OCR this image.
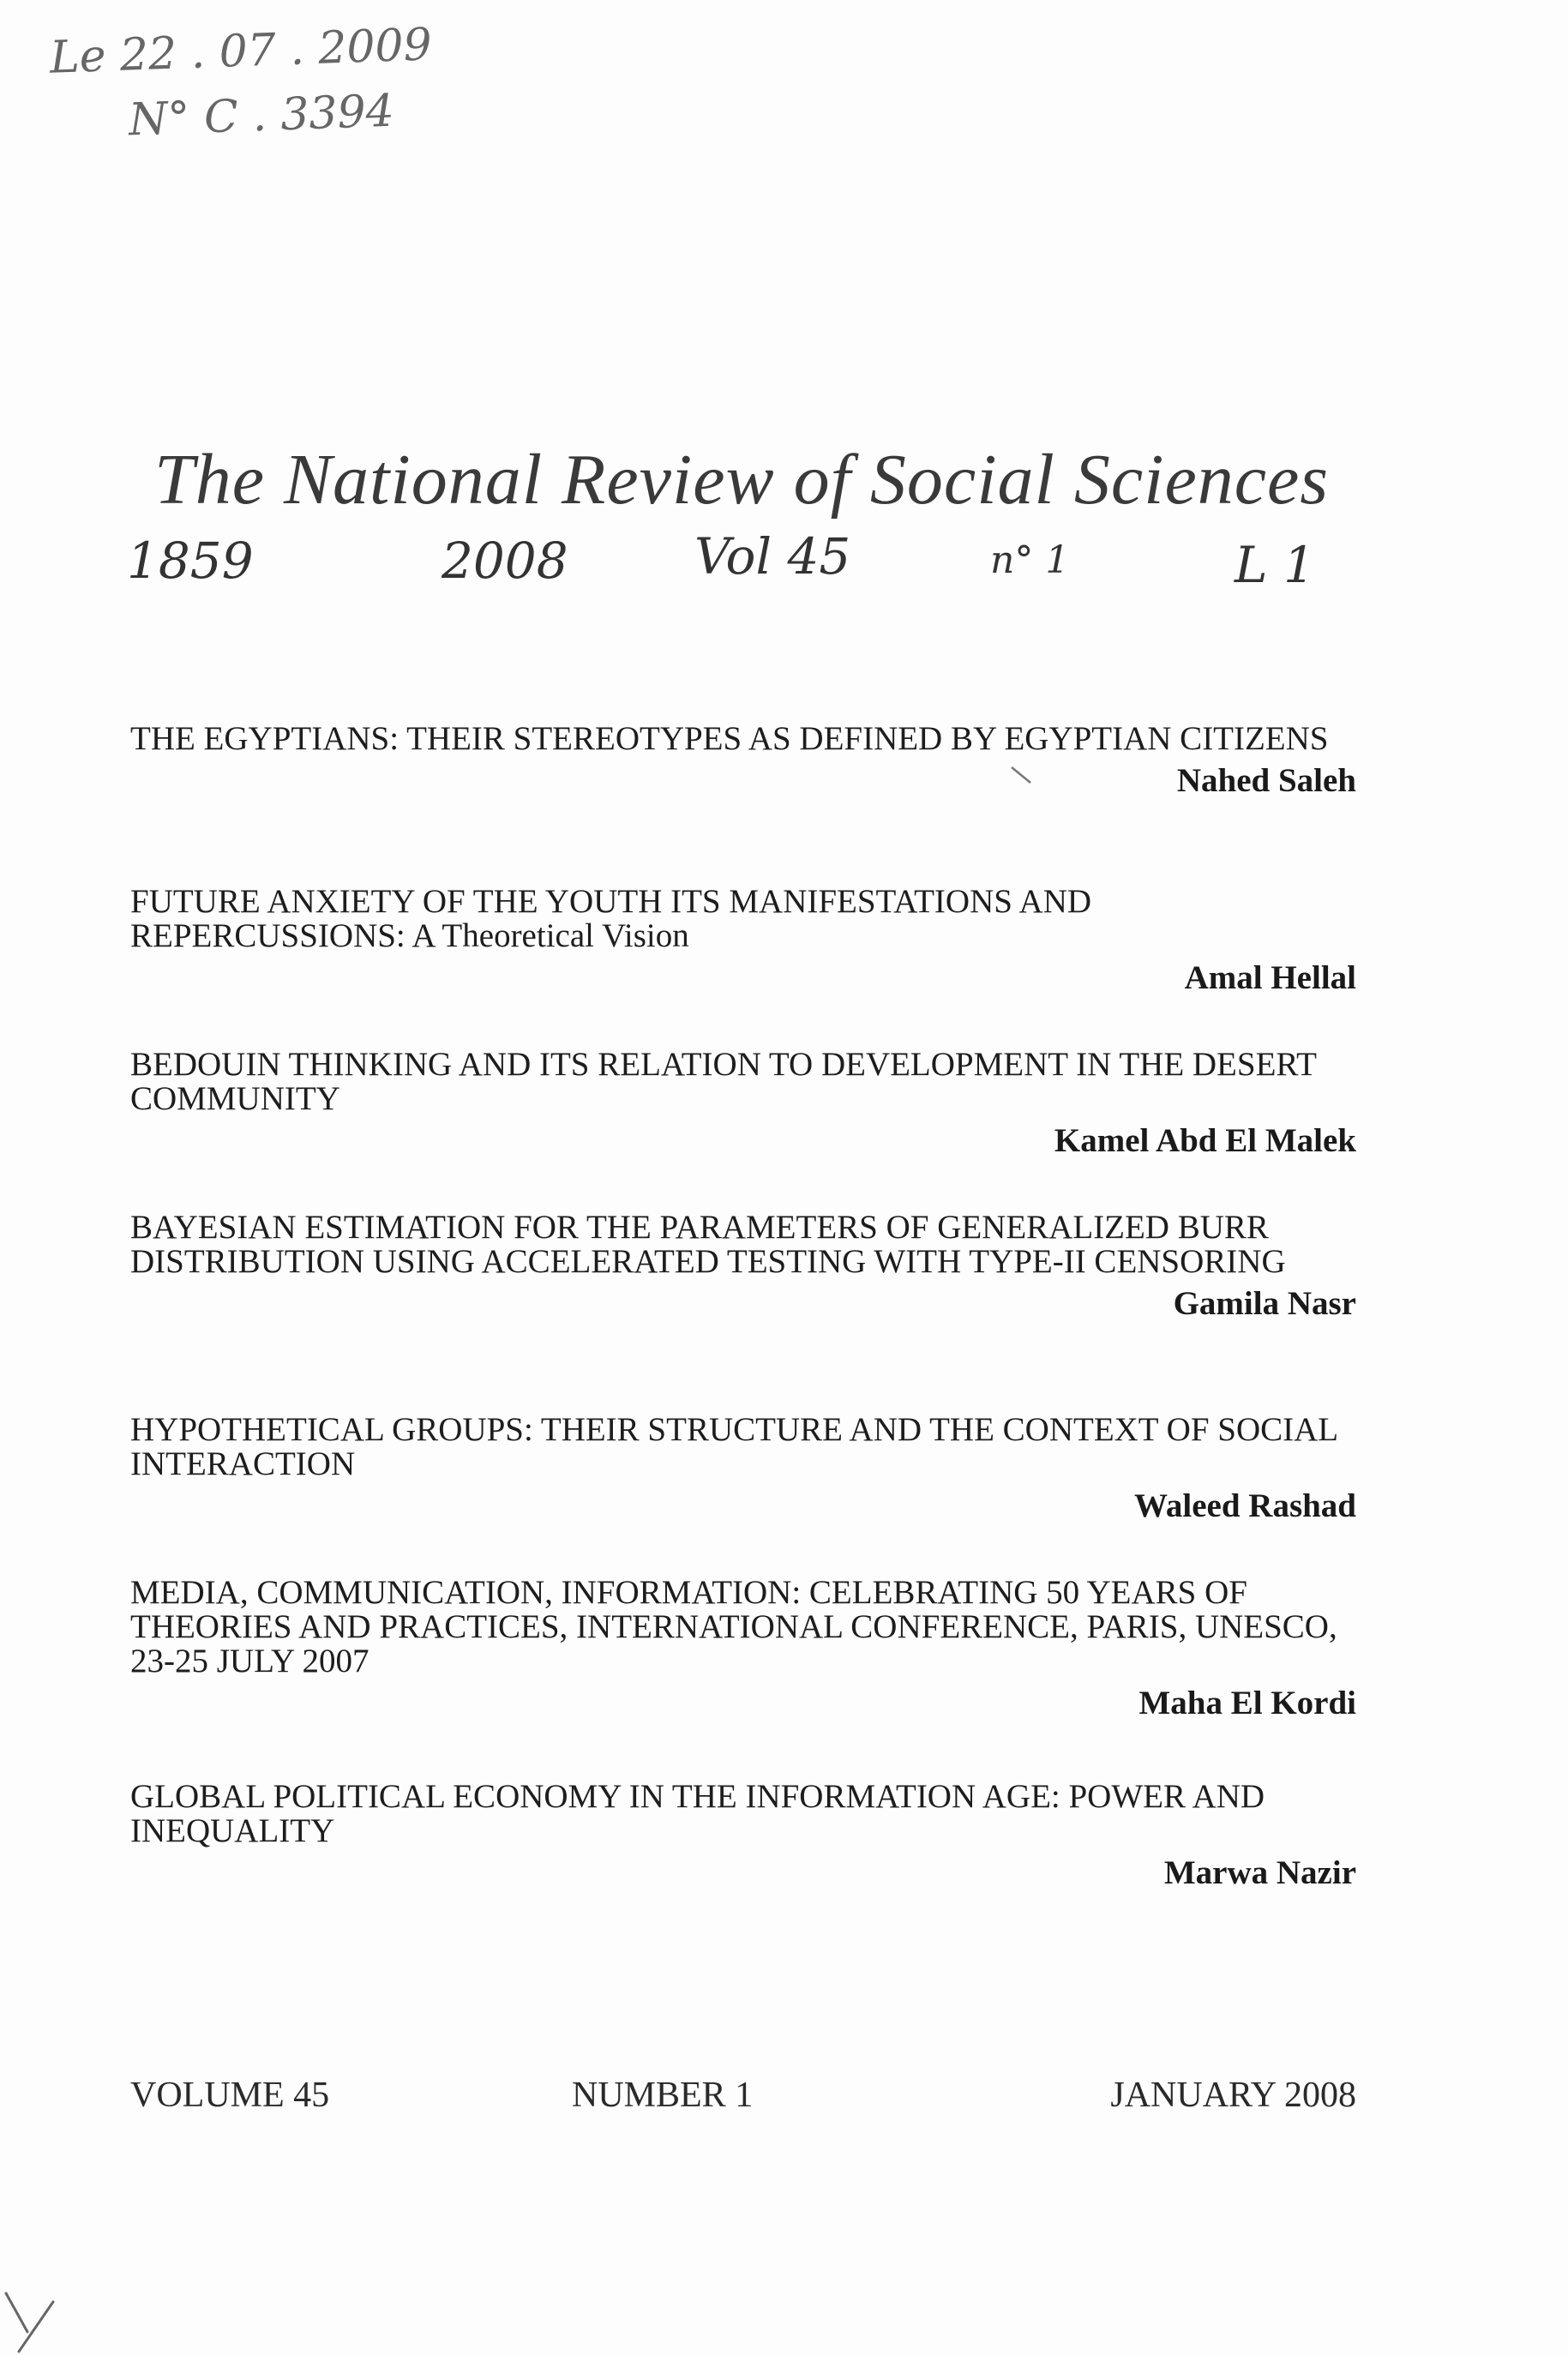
Le 22 . 07 . 2009
N° C . 3394
The National Review of Social Sciences
1859	2008	Vol 45	n° 1	L 1
THE EGYPTIANS: THEIR STEREOTYPES AS DEFINED BY EGYPTIAN CITIZENS
Nahed Saleh
FUTURE ANXIETY OF THE YOUTH ITS MANIFESTATIONS AND REPERCUSSIONS: A Theoretical Vision
Amal Hellal
BEDOUIN THINKING AND ITS RELATION TO DEVELOPMENT IN THE DESERT COMMUNITY
Kamel Abd El Malek
BAYESIAN ESTIMATION FOR THE PARAMETERS OF GENERALIZED BURR DISTRIBUTION USING ACCELERATED TESTING WITH TYPE-II CENSORING
Gamila Nasr
HYPOTHETICAL GROUPS: THEIR STRUCTURE AND THE CONTEXT OF SOCIAL INTERACTION
Waleed Rashad
MEDIA, COMMUNICATION, INFORMATION: CELEBRATING 50 YEARS OF THEORIES AND PRACTICES, INTERNATIONAL CONFERENCE, PARIS, UNESCO, 23-25 JULY 2007
Maha El Kordi
GLOBAL POLITICAL ECONOMY IN THE INFORMATION AGE: POWER AND INEQUALITY
Marwa Nazir
VOLUME 45	NUMBER 1	JANUARY 2008
